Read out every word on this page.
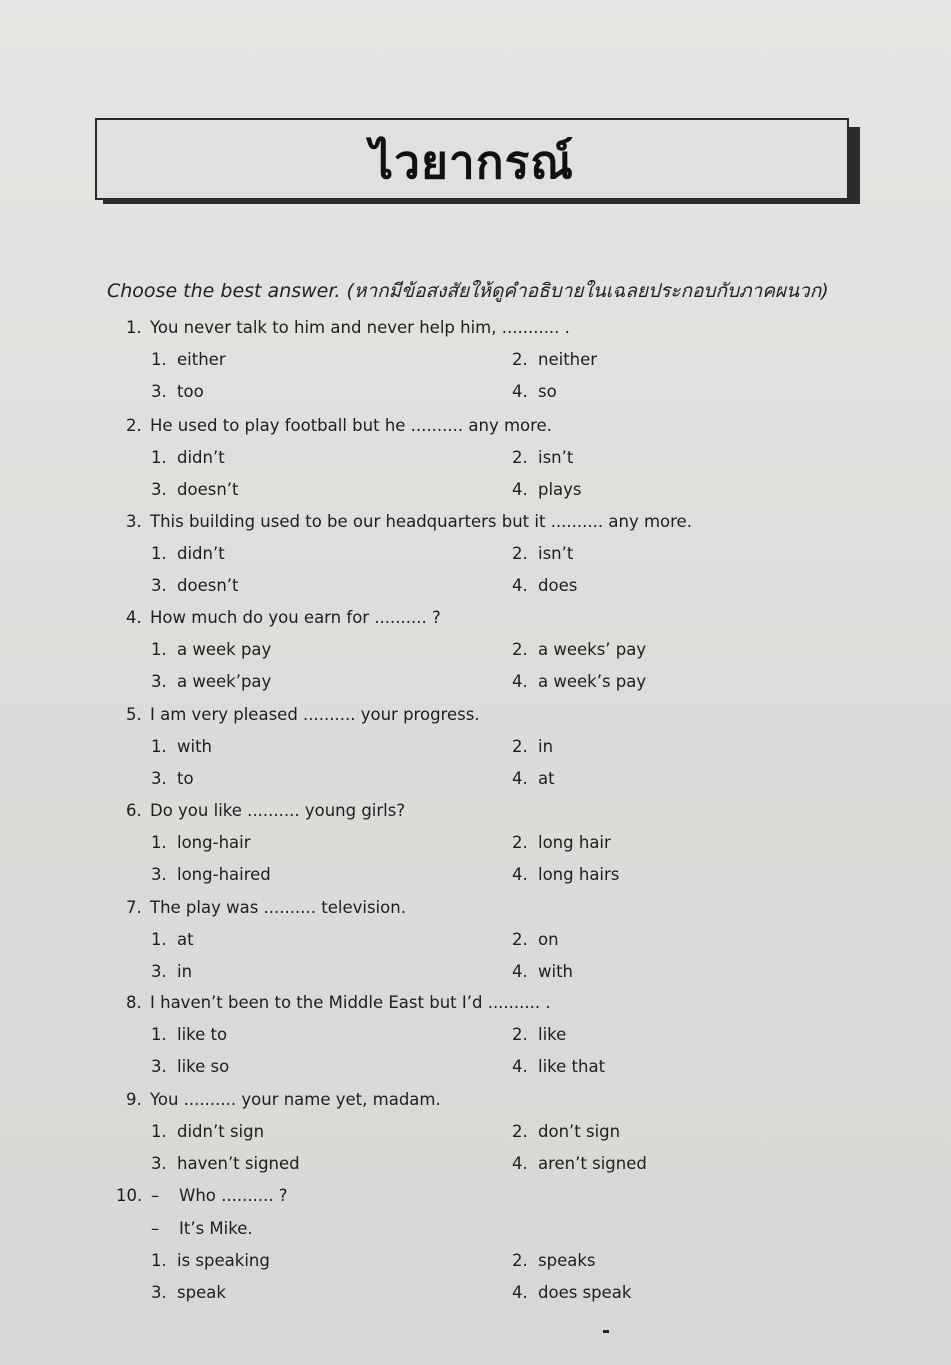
ไวยากรณ์
Choose the best answer. (หากมีข้อสงสัยให้ดูคำอธิบายในเฉลยประกอบกับภาคผนวก)
1. You never talk to him and never help him, ........... .
1. either	2. neither
3. too	4. so
2. He used to play football but he .......... any more.
1. didn’t	2. isn’t
3. doesn’t	4. plays
3. This building used to be our headquarters but it .......... any more.
1. didn’t	2. isn’t
3. doesn’t	4. does
4. How much do you earn for .......... ?
1. a week pay	2. a weeks’ pay
3. a week’pay	4. a week’s pay
5. I am very pleased .......... your progress.
1. with	2. in
3. to	4. at
6. Do you like .......... young girls?
1. long-hair	2. long hair
3. long-haired	4. long hairs
7. The play was .......... television.
1. at	2. on
3. in	4. with
8. I haven’t been to the Middle East but I’d .......... .
1. like to	2. like
3. like so	4. like that
9. You .......... your name yet, madam.
1. didn’t sign	2. don’t sign
3. haven’t signed	4. aren’t signed
10. – Who .......... ?
– It’s Mike.
1. is speaking	2. speaks
3. speak	4. does speak
